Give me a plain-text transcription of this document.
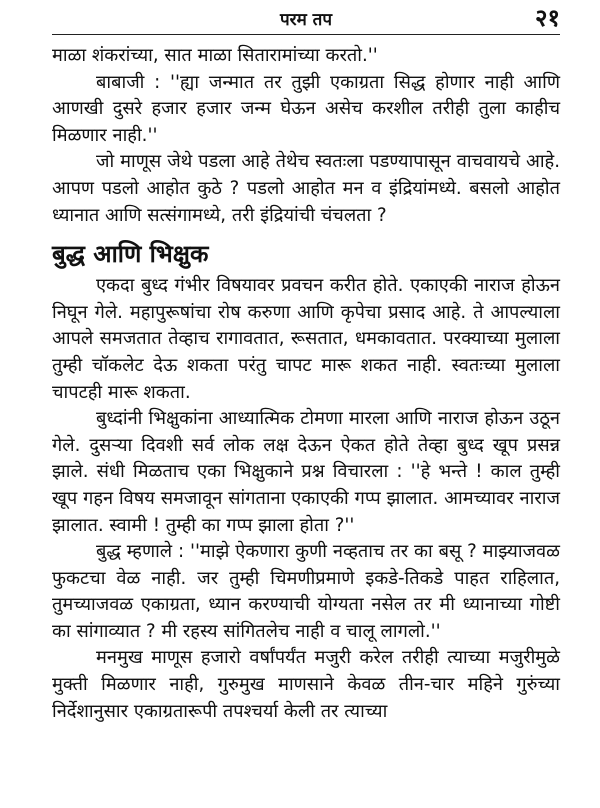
परम तप	२१

माळा शंकरांच्या, सात माळा सितारामांच्या करतो.''

बाबाजी : ''ह्या जन्मात तर तुझी एकाग्रता सिद्ध होणार नाही आणि आणखी दुसरे हजार हजार जन्म घेऊन असेच करशील तरीही तुला काहीच मिळणार नाही.''

जो माणूस जेथे पडला आहे तेथेच स्वतःला पडण्यापासून वाचवायचे आहे. आपण पडलो आहोत कुठे ? पडलो आहोत मन व इंद्रियांमध्ये. बसलो आहोत ध्यानात आणि सत्संगामध्ये, तरी इंद्रियांची चंचलता ?

बुद्ध आणि भिक्षुक

एकदा बुध्द गंभीर विषयावर प्रवचन करीत होते. एकाएकी नाराज होऊन निघून गेले. महापुरूषांचा रोष करुणा आणि कृपेचा प्रसाद आहे. ते आपल्याला आपले समजतात तेव्हाच रागावतात, रूसतात, धमकावतात. परक्याच्या मुलाला तुम्ही चॉकलेट देऊ शकता परंतु चापट मारू शकत नाही. स्वतःच्या मुलाला चापटही मारू शकता.

बुध्दांनी भिक्षुकांना आध्यात्मिक टोमणा मारला आणि नाराज होऊन उठून गेले. दुसऱ्या दिवशी सर्व लोक लक्ष देऊन ऐकत होते तेव्हा बुध्द खूप प्रसन्न झाले. संधी मिळताच एका भिक्षुकाने प्रश्न विचारला : ''हे भन्ते ! काल तुम्ही खूप गहन विषय समजावून सांगताना एकाएकी गप्प झालात. आमच्यावर नाराज झालात. स्वामी ! तुम्ही का गप्प झाला होता ?''

बुद्ध म्हणाले : ''माझे ऐकणारा कुणी नव्हताच तर का बसू ? माझ्याजवळ फुकटचा वेळ नाही. जर तुम्ही चिमणीप्रमाणे इकडे-तिकडे पाहत राहिलात, तुमच्याजवळ एकाग्रता, ध्यान करण्याची योग्यता नसेल तर मी ध्यानाच्या गोष्टी का सांगाव्यात ? मी रहस्य सांगितलेच नाही व चालू लागलो.''

मनमुख माणूस हजारो वर्षांपर्यंत मजुरी करेल तरीही त्याच्या मजुरीमुळे मुक्ती मिळणार नाही, गुरुमुख माणसाने केवळ तीन-चार महिने गुरुंच्या निर्देशानुसार एकाग्रतारूपी तपश्चर्या केली तर त्याच्या
